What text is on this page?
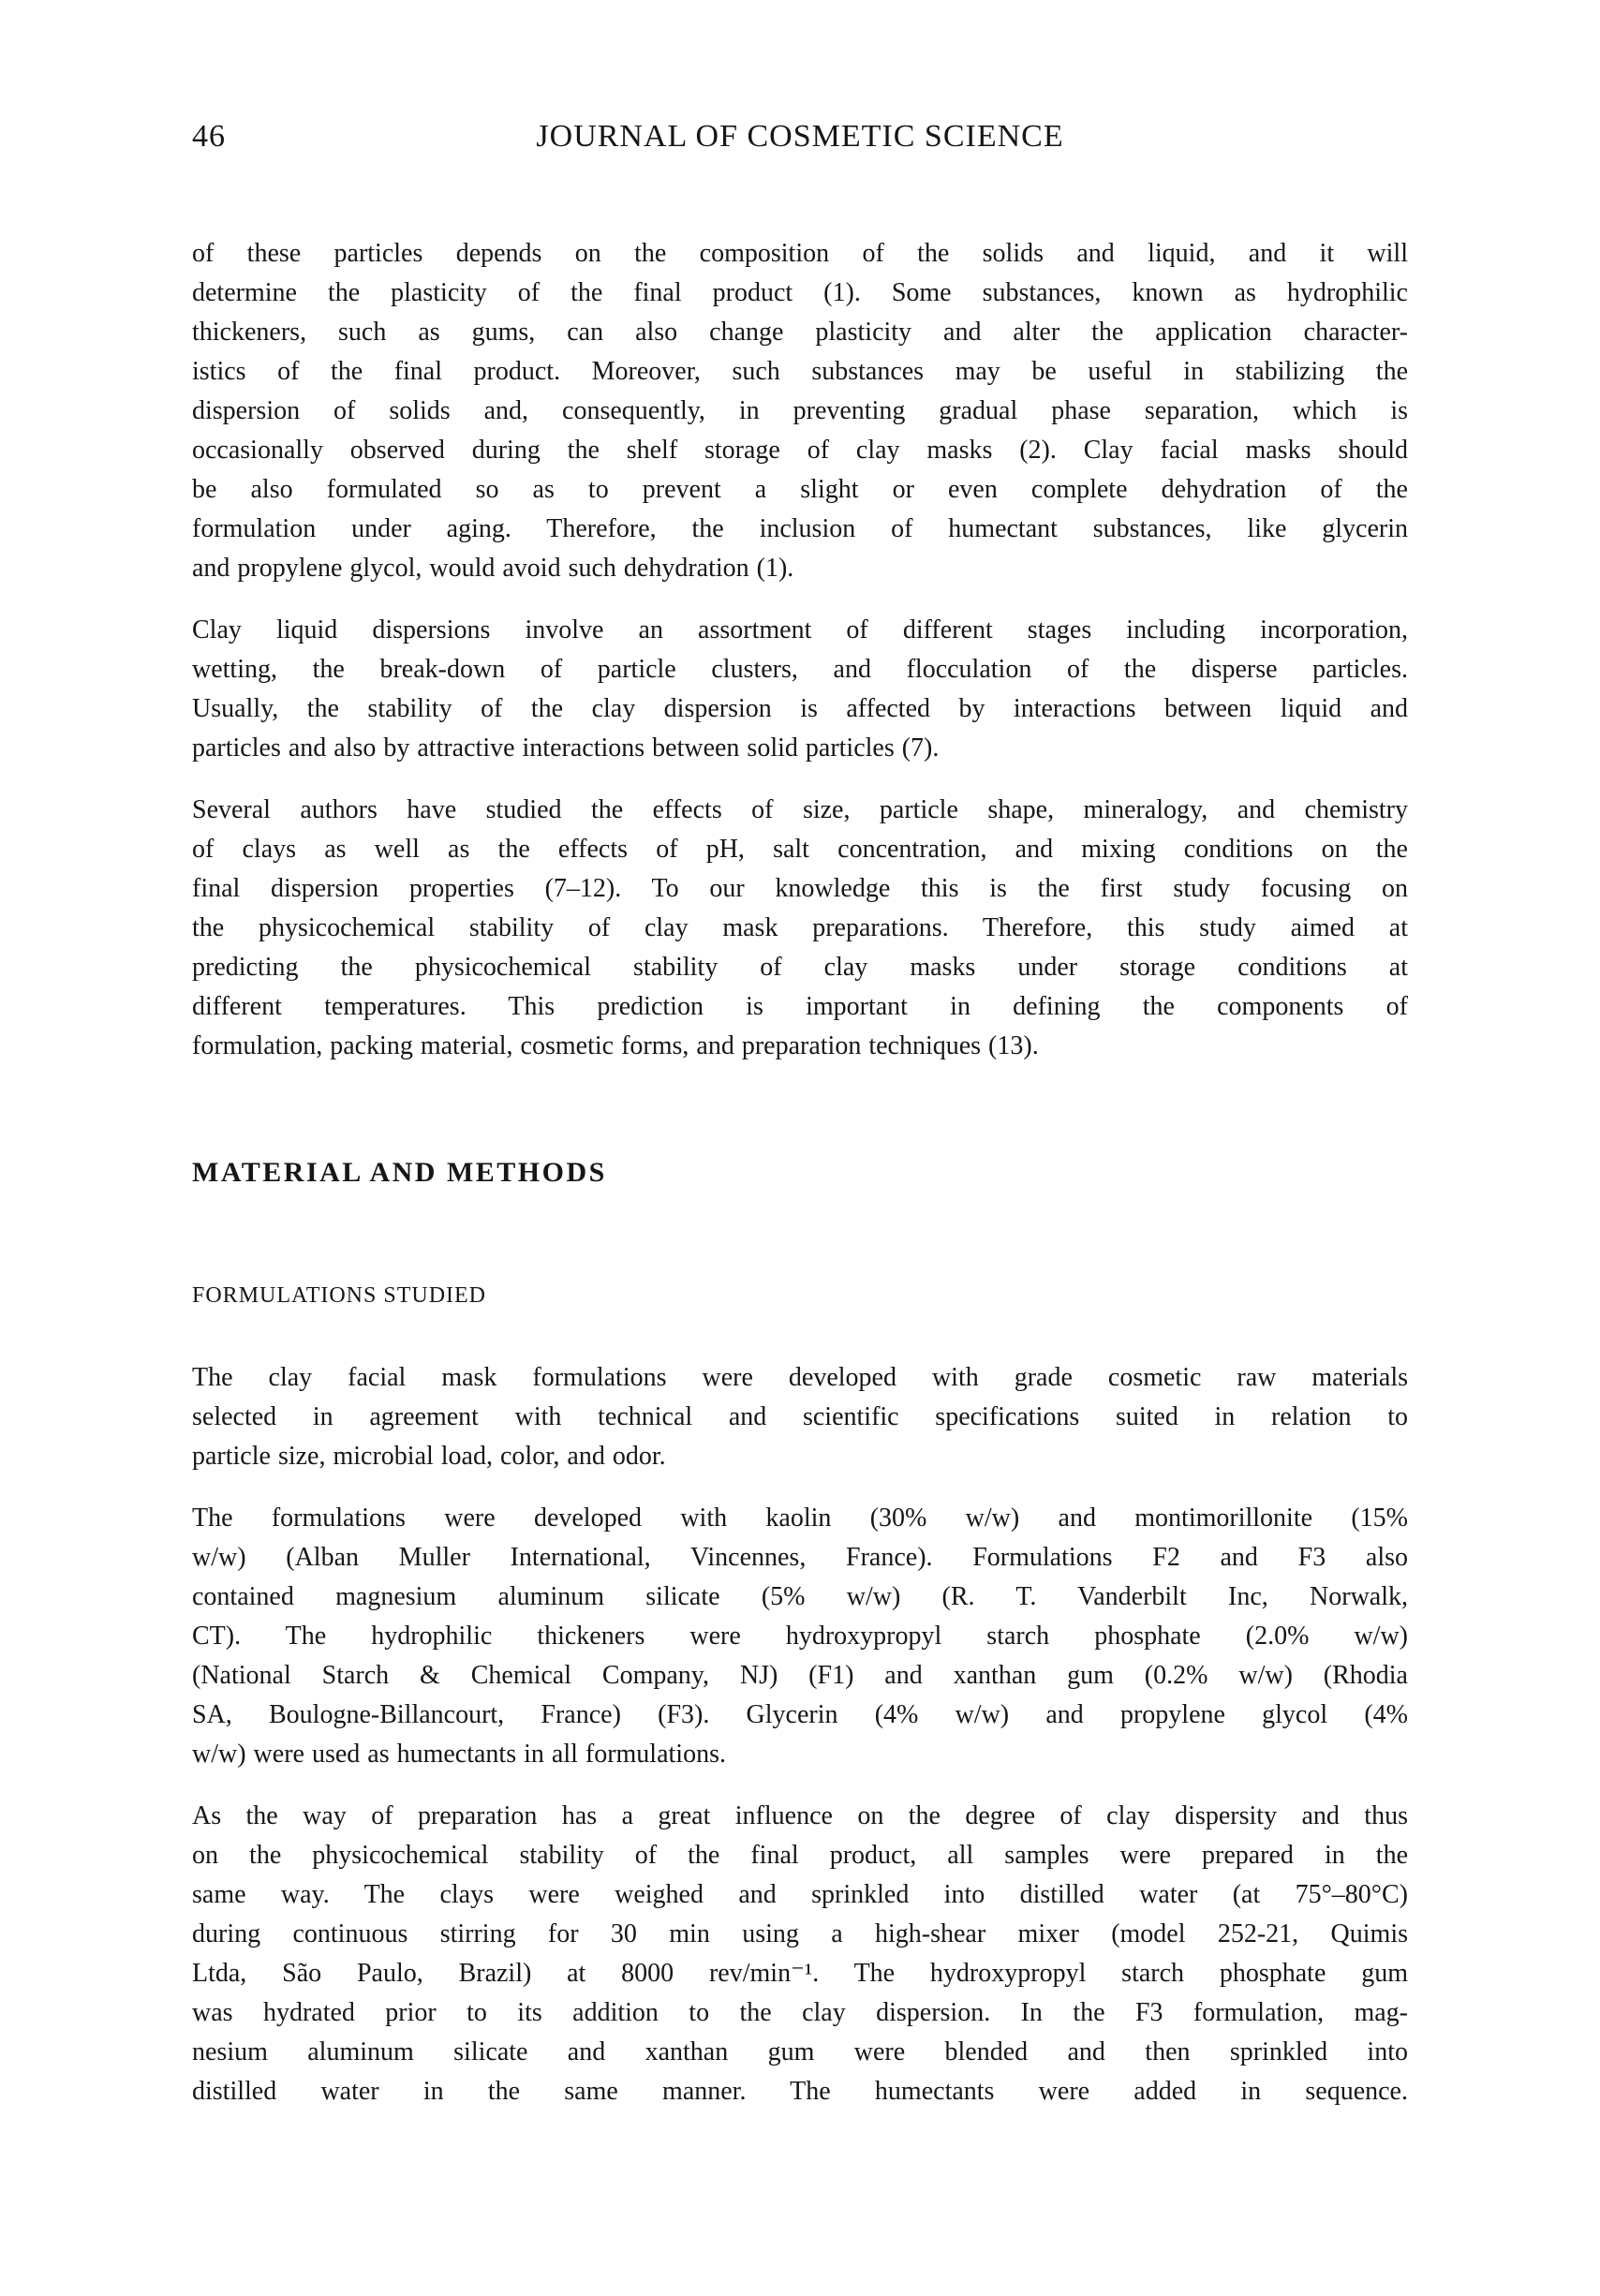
46	JOURNAL OF COSMETIC SCIENCE
of these particles depends on the composition of the solids and liquid, and it will
determine the plasticity of the final product (1). Some substances, known as hydrophilic
thickeners, such as gums, can also change plasticity and alter the application character-
istics of the final product. Moreover, such substances may be useful in stabilizing the
dispersion of solids and, consequently, in preventing gradual phase separation, which is
occasionally observed during the shelf storage of clay masks (2). Clay facial masks should
be also formulated so as to prevent a slight or even complete dehydration of the
formulation under aging. Therefore, the inclusion of humectant substances, like glycerin
and propylene glycol, would avoid such dehydration (1).
Clay liquid dispersions involve an assortment of different stages including incorporation,
wetting, the break-down of particle clusters, and flocculation of the disperse particles.
Usually, the stability of the clay dispersion is affected by interactions between liquid and
particles and also by attractive interactions between solid particles (7).
Several authors have studied the effects of size, particle shape, mineralogy, and chemistry
of clays as well as the effects of pH, salt concentration, and mixing conditions on the
final dispersion properties (7–12). To our knowledge this is the first study focusing on
the physicochemical stability of clay mask preparations. Therefore, this study aimed at
predicting the physicochemical stability of clay masks under storage conditions at
different temperatures. This prediction is important in defining the components of
formulation, packing material, cosmetic forms, and preparation techniques (13).
MATERIAL AND METHODS
FORMULATIONS STUDIED
The clay facial mask formulations were developed with grade cosmetic raw materials
selected in agreement with technical and scientific specifications suited in relation to
particle size, microbial load, color, and odor.
The formulations were developed with kaolin (30% w/w) and montimorillonite (15%
w/w) (Alban Muller International, Vincennes, France). Formulations F2 and F3 also
contained magnesium aluminum silicate (5% w/w) (R. T. Vanderbilt Inc, Norwalk,
CT). The hydrophilic thickeners were hydroxypropyl starch phosphate (2.0% w/w)
(National Starch & Chemical Company, NJ) (F1) and xanthan gum (0.2% w/w) (Rhodia
SA, Boulogne-Billancourt, France) (F3). Glycerin (4% w/w) and propylene glycol (4%
w/w) were used as humectants in all formulations.
As the way of preparation has a great influence on the degree of clay dispersity and thus
on the physicochemical stability of the final product, all samples were prepared in the
same way. The clays were weighed and sprinkled into distilled water (at 75°–80°C)
during continuous stirring for 30 min using a high-shear mixer (model 252-21, Quimis
Ltda, São Paulo, Brazil) at 8000 rev/min⁻¹. The hydroxypropyl starch phosphate gum
was hydrated prior to its addition to the clay dispersion. In the F3 formulation, mag-
nesium aluminum silicate and xanthan gum were blended and then sprinkled into
distilled water in the same manner. The humectants were added in sequence.
